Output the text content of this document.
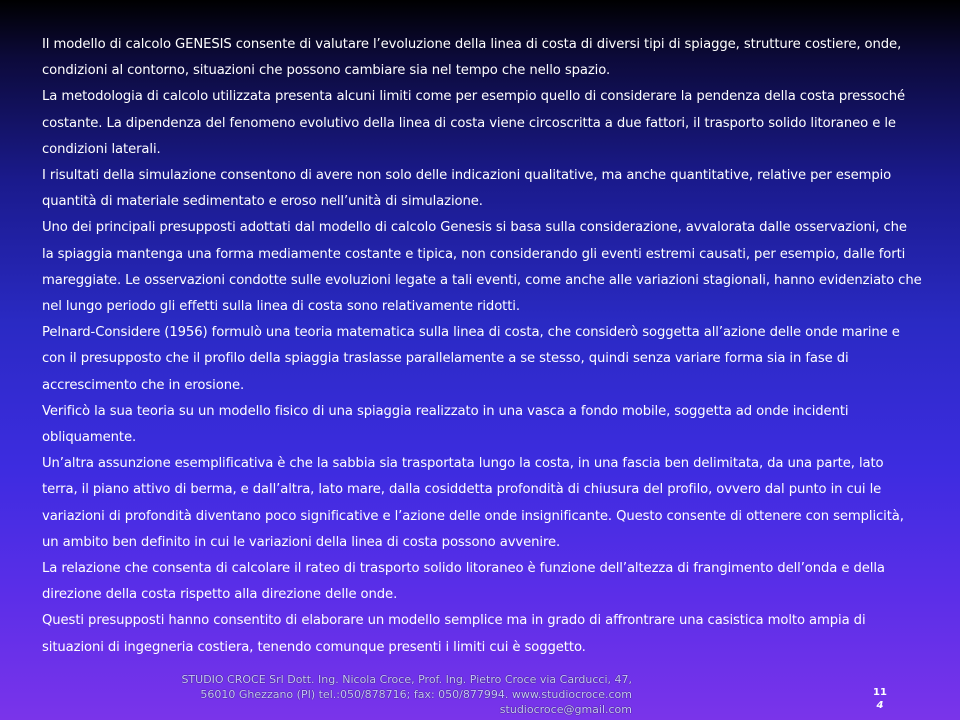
Il modello di calcolo GENESIS consente di valutare l’evoluzione della linea di costa di diversi tipi di spiagge, strutture costiere, onde, condizioni al contorno, situazioni che possono cambiare sia nel tempo che nello spazio.

La metodologia di calcolo utilizzata presenta alcuni limiti come per esempio quello di considerare la pendenza della costa pressoché costante. La dipendenza del fenomeno evolutivo della linea di costa viene circoscritta a due fattori, il trasporto solido litoraneo e le condizioni laterali.

I risultati della simulazione consentono di avere non solo delle indicazioni qualitative, ma anche quantitative, relative per esempio quantità di materiale sedimentato e eroso nell’unità di simulazione.

Uno dei principali presupposti adottati dal modello di calcolo Genesis si basa sulla considerazione, avvalorata dalle osservazioni, che la spiaggia mantenga una forma mediamente costante e tipica, non considerando gli eventi estremi causati, per esempio, dalle forti mareggiate. Le osservazioni condotte sulle evoluzioni legate a tali eventi, come anche alle variazioni stagionali, hanno evidenziato che nel lungo periodo gli effetti sulla linea di costa sono relativamente ridotti.

Pelnard-Considere (1956) formulò una teoria matematica sulla linea di costa, che considerò soggetta all’azione delle onde marine e con il presupposto che il profilo della spiaggia traslasse parallelamente a se stesso, quindi senza variare forma sia in fase di accrescimento che in erosione.

Verificò la sua teoria su un modello fisico di una spiaggia realizzato in una vasca a fondo mobile, soggetta ad onde incidenti obliquamente.

Un’altra assunzione esemplificativa è che la sabbia sia trasportata lungo la costa, in una fascia ben delimitata, da una parte, lato terra, il piano attivo di berma, e dall’altra, lato mare, dalla cosiddetta profondità di chiusura del profilo, ovvero dal punto in cui le variazioni di profondità diventano poco significative e l’azione delle onde insignificante. Questo consente di ottenere con semplicità, un ambito ben definito in cui le variazioni della linea di costa possono avvenire.

La relazione che consenta di calcolare il rateo di trasporto solido litoraneo è funzione dell’altezza di frangimento dell’onda e della direzione della costa rispetto alla direzione delle onde.

Questi presupposti hanno consentito di elaborare un modello semplice ma in grado di affrontrare una casistica molto ampia di situazioni di ingegneria costiera, tenendo comunque presenti i limiti cui è soggetto.

STUDIO CROCE Srl Dott. Ing. Nicola Croce, Prof. Ing. Pietro Croce via Carducci, 47,
56010 Ghezzano (PI) tel.:050/878716; fax: 050/877994. www.studiocroce.com
studiocroce@gmail.com
11
4
